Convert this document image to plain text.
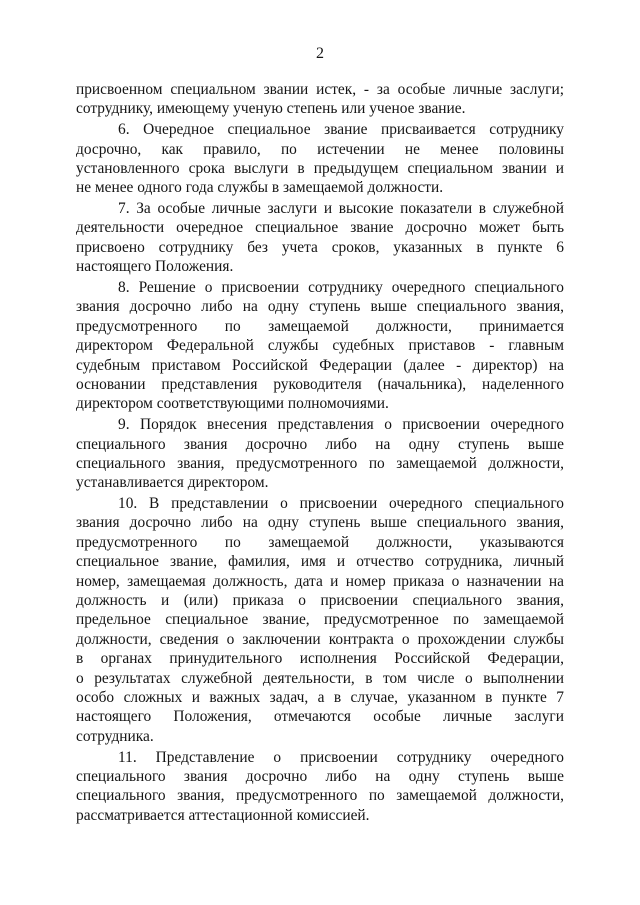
2
присвоенном специальном звании истек, - за особые личные заслуги;
сотруднику, имеющему ученую степень или ученое звание.
6. Очередное специальное звание присваивается сотруднику
досрочно, как правило, по истечении не менее половины
установленного срока выслуги в предыдущем специальном звании и
не менее одного года службы в замещаемой должности.
7. За особые личные заслуги и высокие показатели в служебной
деятельности очередное специальное звание досрочно может быть
присвоено сотруднику без учета сроков, указанных в пункте 6
настоящего Положения.
8. Решение о присвоении сотруднику очередного специального
звания досрочно либо на одну ступень выше специального звания,
предусмотренного по замещаемой должности, принимается
директором Федеральной службы судебных приставов - главным
судебным приставом Российской Федерации (далее - директор) на
основании представления руководителя (начальника), наделенного
директором соответствующими полномочиями.
9. Порядок внесения представления о присвоении очередного
специального звания досрочно либо на одну ступень выше
специального звания, предусмотренного по замещаемой должности,
устанавливается директором.
10. В представлении о присвоении очередного специального
звания досрочно либо на одну ступень выше специального звания,
предусмотренного по замещаемой должности, указываются
специальное звание, фамилия, имя и отчество сотрудника, личный
номер, замещаемая должность, дата и номер приказа о назначении на
должность и (или) приказа о присвоении специального звания,
предельное специальное звание, предусмотренное по замещаемой
должности, сведения о заключении контракта о прохождении службы
в органах принудительного исполнения Российской Федерации,
о результатах служебной деятельности, в том числе о выполнении
особо сложных и важных задач, а в случае, указанном в пункте 7
настоящего Положения, отмечаются особые личные заслуги
сотрудника.
11. Представление о присвоении сотруднику очередного
специального звания досрочно либо на одну ступень выше
специального звания, предусмотренного по замещаемой должности,
рассматривается аттестационной комиссией.
